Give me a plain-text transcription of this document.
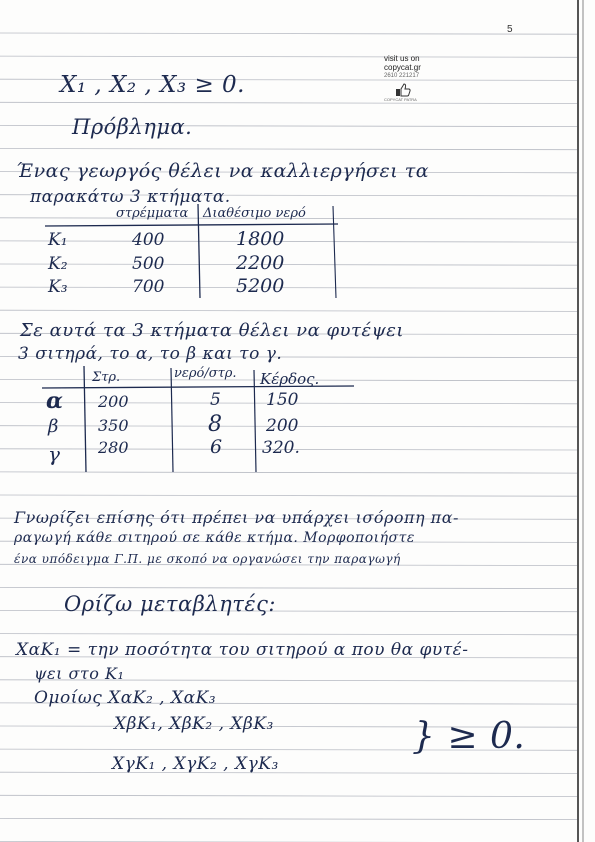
5
visit us on
copycat.gr
2610 221217
COPYCAT PATRA
X₁ , X₂ , X₃ ≥ 0.
Πρόβλημα.
Ένας γεωργός θέλει να καλλιεργήσει τα
παρακάτω 3 κτήματα.
στρέμματα Διαθέσιμο νερό
K₁	400	1800
K₂	500	2200
K₃	700	5200
Σε αυτά τα 3 κτήματα θέλει να φυτέψει
3 σιτηρά, το α, το β και το γ.
Στρ.	νερό/στρ. Κέρδος.
α 200	5	150
β 350	8	200
γ 280	6 320.
Γνωρίζει επίσης ότι πρέπει να υπάρχει ισόροπη πα-
ραγωγή κάθε σιτηρού σε κάθε κτήμα. Μορφοποιήστε
ένα υπόδειγμα Γ.Π. με σκοπό να οργανώσει την παραγωγή
Ορίζω μεταβλητές:
XαΚ₁ = την ποσότητα του σιτηρού α που θα φυτέ-
ψει στο Κ₁
Ομοίως XαΚ₂ , XαΚ₃
XβΚ₁, XβΚ₂ , XβΚ₃
XγΚ₁ , XγΚ₂ , XγΚ₃
} ≥ 0.
